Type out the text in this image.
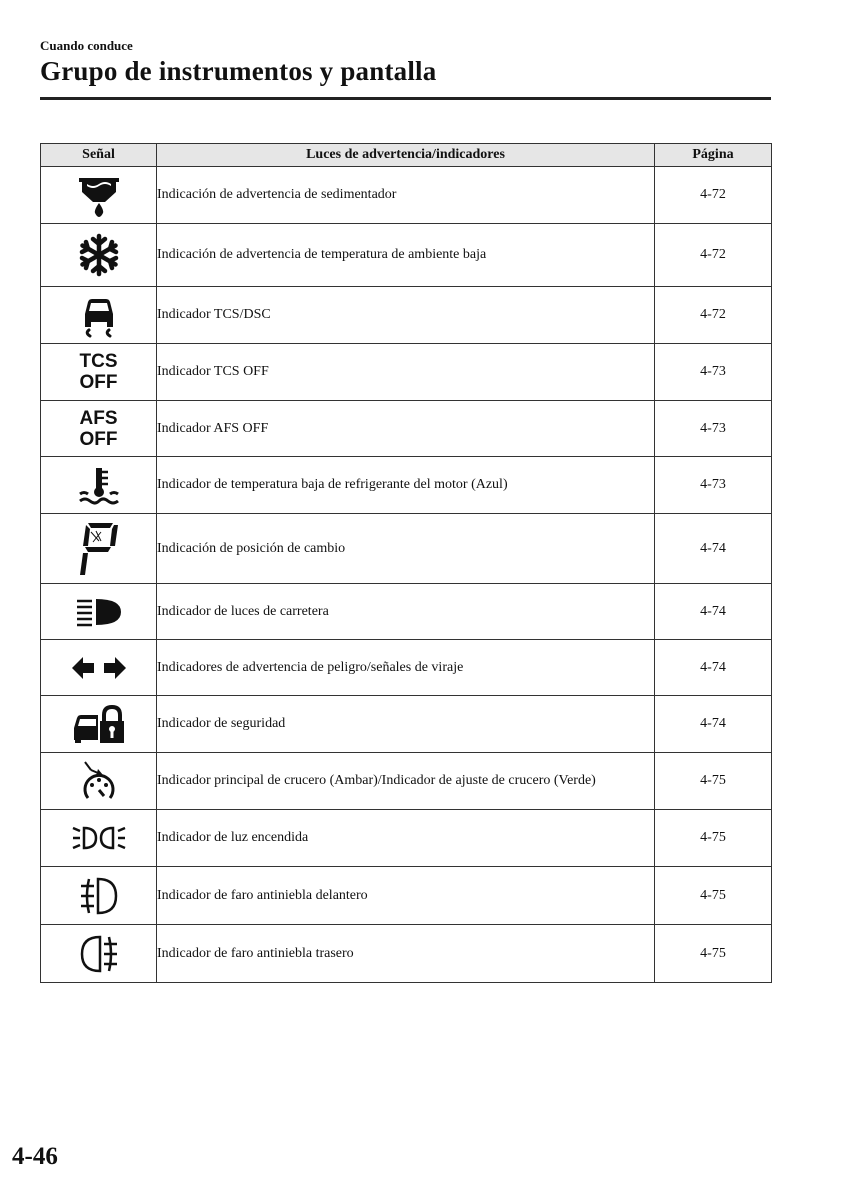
Cuando conduce
Grupo de instrumentos y pantalla
Señal	Luces de advertencia/indicadores	Página

	Indicación de advertencia de sedimentador	4-72

	Indicación de advertencia de temperatura de ambiente baja	4-72

	Indicador TCS/DSC	4-72
TCS
OFF	Indicador TCS OFF	4-73
AFS
OFF	Indicador AFS OFF	4-73

	Indicador de temperatura baja de refrigerante del motor (Azul)	4-73

	Indicación de posición de cambio	4-74

	Indicador de luces de carretera	4-74

	Indicadores de advertencia de peligro/señales de viraje	4-74

	Indicador de seguridad	4-74

	Indicador principal de crucero (Ambar)/Indicador de ajuste de crucero (Verde)	4-75

	Indicador de luz encendida	4-75

	Indicador de faro antiniebla delantero	4-75

	Indicador de faro antiniebla trasero	4-75
4-46
